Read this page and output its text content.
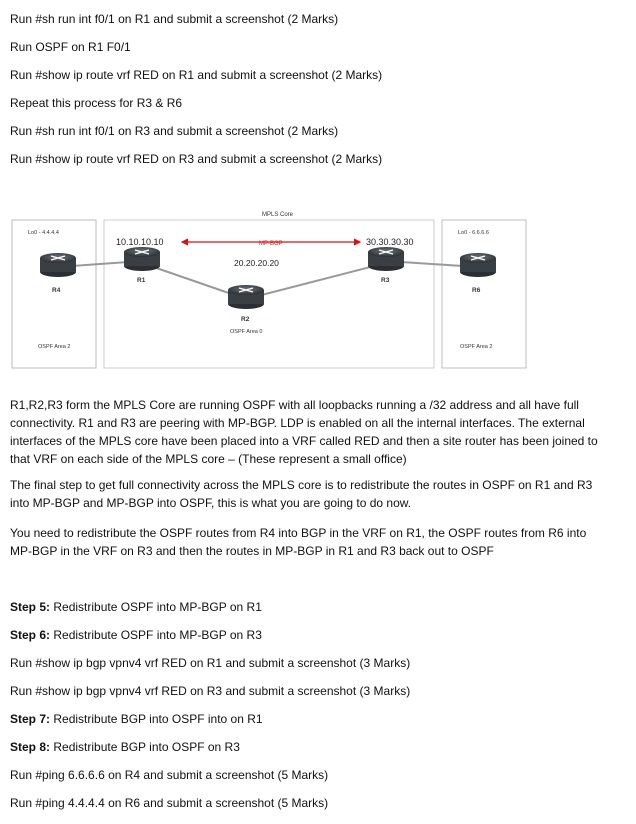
Run #sh run int f0/1 on R1 and submit a screenshot (2 Marks)
Run OSPF on R1 F0/1
Run #show ip route vrf RED on R1 and submit a screenshot (2 Marks)
Repeat this process for R3 & R6
Run #sh run int f0/1 on R3 and submit a screenshot (2 Marks)
Run #show ip route vrf RED on R3 and submit a screenshot (2 Marks)
MPLS Core
Lo0 - 4.4.4.4	Lo0 - 6.6.6.6
10.10.10.10	30.30.30.30
20.20.20.20
MP-BGP
R4
R1
R2
OSPF Area 0
R3
R6
OSPF Area 2	OSPF Area 2
R1,R2,R3 form the MPLS Core are running OSPF with all loopbacks running a /32 address and all have full connectivity. R1 and R3 are peering with MP-BGP. LDP is enabled on all the internal interfaces. The external interfaces of the MPLS core have been placed into a VRF called RED and then a site router has been joined to that VRF on each side of the MPLS core – (These represent a small office)
The final step to get full connectivity across the MPLS core is to redistribute the routes in OSPF on R1 and R3 into MP-BGP and MP-BGP into OSPF, this is what you are going to do now.
You need to redistribute the OSPF routes from R4 into BGP in the VRF on R1, the OSPF routes from R6 into MP-BGP in the VRF on R3 and then the routes in MP-BGP in R1 and R3 back out to OSPF
Step 5: Redistribute OSPF into MP-BGP on R1
Step 6: Redistribute OSPF into MP-BGP on R3
Run #show ip bgp vpnv4 vrf RED on R1 and submit a screenshot (3 Marks)
Run #show ip bgp vpnv4 vrf RED on R3 and submit a screenshot (3 Marks)
Step 7: Redistribute BGP into OSPF into on R1
Step 8: Redistribute BGP into OSPF on R3
Run #ping 6.6.6.6 on R4 and submit a screenshot (5 Marks)
Run #ping 4.4.4.4 on R6 and submit a screenshot (5 Marks)
